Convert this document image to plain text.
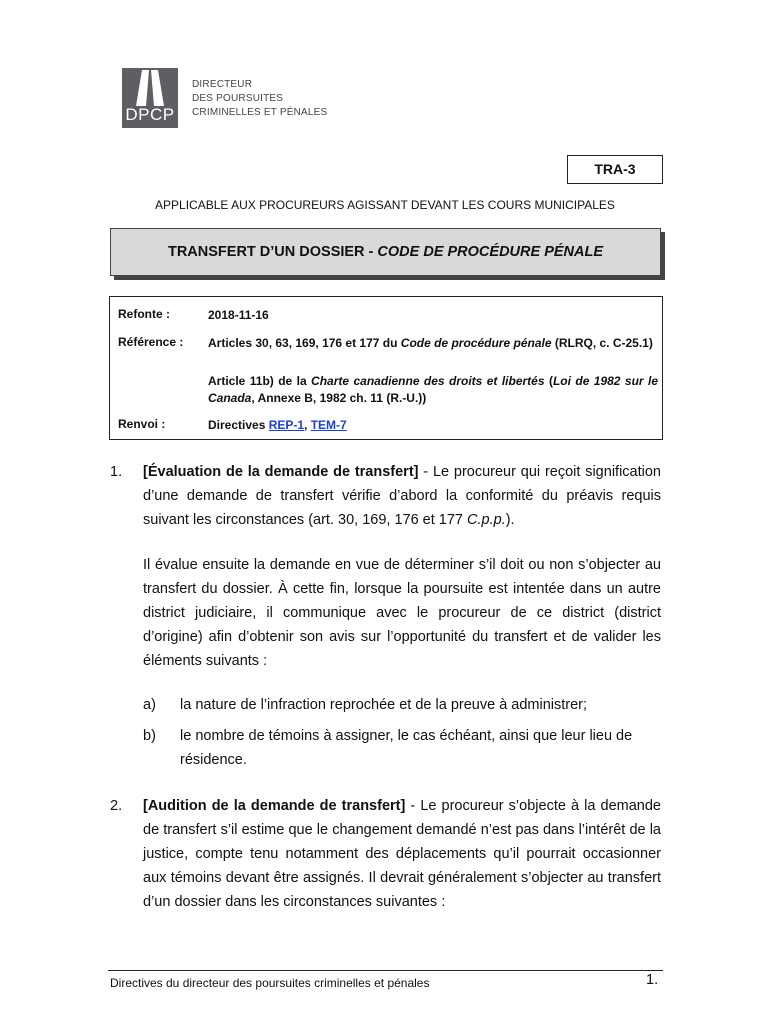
DPCP
DIRECTEUR
DES POURSUITES
CRIMINELLES ET PÉNALES
TRA-3
APPLICABLE AUX PROCUREURS AGISSANT DEVANT LES COURS MUNICIPALES
TRANSFERT D’UN DOSSIER - CODE DE PROCÉDURE PÉNALE
Refonte :	2018-11-16
Référence :	Articles 30, 63, 169, 176 et 177 du Code de procédure pénale (RLRQ, c. C-25.1)
Article 11b) de la Charte canadienne des droits et libertés (Loi de 1982 sur le Canada, Annexe B, 1982 ch. 11 (R.-U.))
Renvoi :	Directives REP-1, TEM-7
1. [Évaluation de la demande de transfert] - Le procureur qui reçoit signification d’une demande de transfert vérifie d’abord la conformité du préavis requis suivant les circonstances (art. 30, 169, 176 et 177 C.p.p.).
Il évalue ensuite la demande en vue de déterminer s’il doit ou non s’objecter au transfert du dossier. À cette fin, lorsque la poursuite est intentée dans un autre district judiciaire, il communique avec le procureur de ce district (district d’origine) afin d’obtenir son avis sur l’opportunité du transfert et de valider les éléments suivants :
a) la nature de l’infraction reprochée et de la preuve à administrer;
b) le nombre de témoins à assigner, le cas échéant, ainsi que leur lieu de résidence.
2. [Audition de la demande de transfert] - Le procureur s’objecte à la demande de transfert s’il estime que le changement demandé n’est pas dans l’intérêt de la justice, compte tenu notamment des déplacements qu’il pourrait occasionner aux témoins devant être assignés. Il devrait généralement s’objecter au transfert d’un dossier dans les circonstances suivantes :
Directives du directeur des poursuites criminelles et pénales	1.
